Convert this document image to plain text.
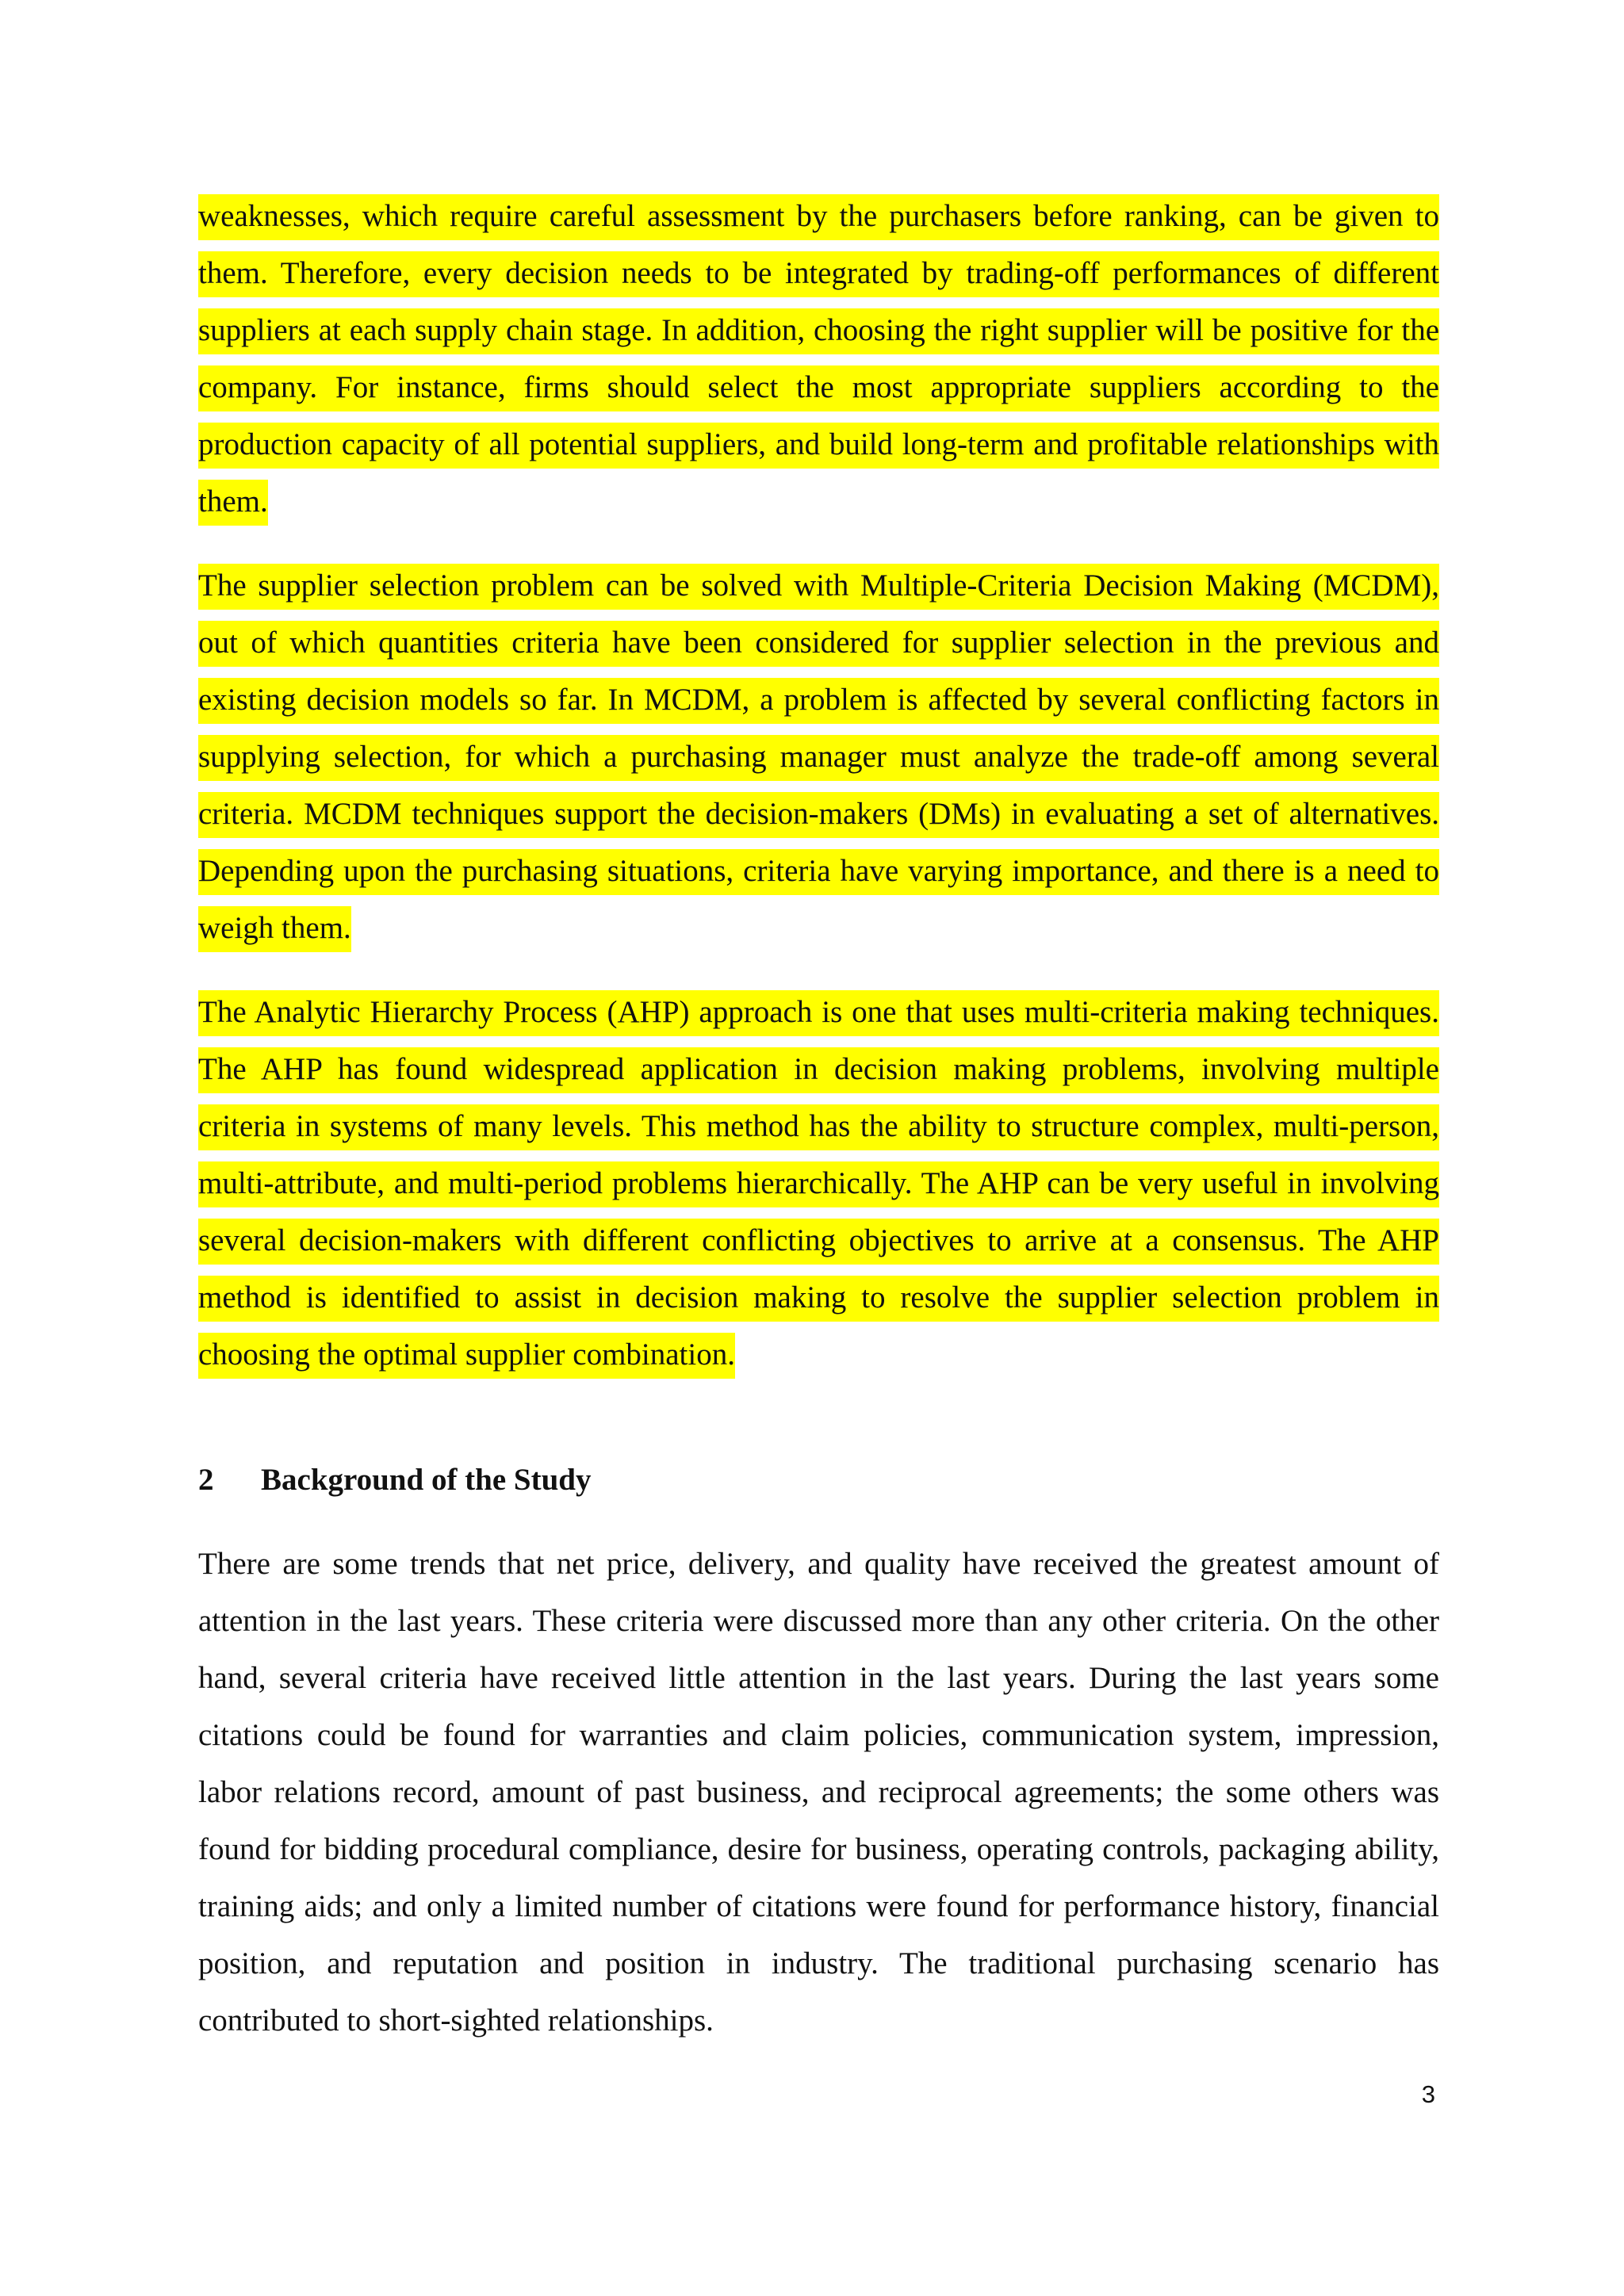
weaknesses, which require careful assessment by the purchasers before ranking, can be given to them. Therefore, every decision needs to be integrated by trading-off performances of different suppliers at each supply chain stage. In addition, choosing the right supplier will be positive for the company. For instance, firms should select the most appropriate suppliers according to the production capacity of all potential suppliers, and build long-term and profitable relationships with them.

The supplier selection problem can be solved with Multiple-Criteria Decision Making (MCDM), out of which quantities criteria have been considered for supplier selection in the previous and existing decision models so far. In MCDM, a problem is affected by several conflicting factors in supplying selection, for which a purchasing manager must analyze the trade-off among several criteria. MCDM techniques support the decision-makers (DMs) in evaluating a set of alternatives. Depending upon the purchasing situations, criteria have varying importance, and there is a need to weigh them.

The Analytic Hierarchy Process (AHP) approach is one that uses multi-criteria making techniques. The AHP has found widespread application in decision making problems, involving multiple criteria in systems of many levels. This method has the ability to structure complex, multi-person, multi-attribute, and multi-period problems hierarchically. The AHP can be very useful in involving several decision-makers with different conflicting objectives to arrive at a consensus. The AHP method is identified to assist in decision making to resolve the supplier selection problem in choosing the optimal supplier combination.

2 Background of the Study

There are some trends that net price, delivery, and quality have received the greatest amount of attention in the last years. These criteria were discussed more than any other criteria. On the other hand, several criteria have received little attention in the last years. During the last years some citations could be found for warranties and claim policies, communication system, impression, labor relations record, amount of past business, and reciprocal agreements; the some others was found for bidding procedural compliance, desire for business, operating controls, packaging ability, training aids; and only a limited number of citations were found for performance history, financial position, and reputation and position in industry. The traditional purchasing scenario has contributed to short-sighted relationships.

3
